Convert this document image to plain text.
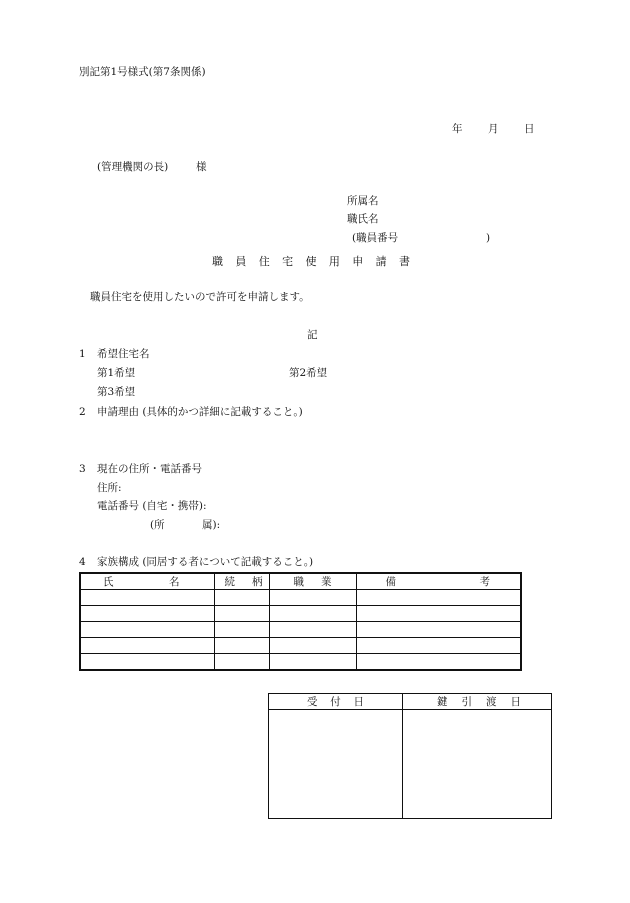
別記第1号様式(第7条関係)
年 月 日
(管理機関の長)	様
所属名
職氏名
(職員番号	)
職 員 住 宅 使 用 申 請 書
職員住宅を使用したいので許可を申請します。
記
1 希望住宅名
第1希望	第2希望
第3希望
2 申請理由 (具体的かつ詳細に記載すること。)
3 現在の住所・電話番号
住所:
電話番号 (自宅・携帯):
(所	属):
4 家族構成 (同居する者について記載すること。)
氏 名	続 柄	職 業	備 考

受 付 日	鍵 引 渡 日
